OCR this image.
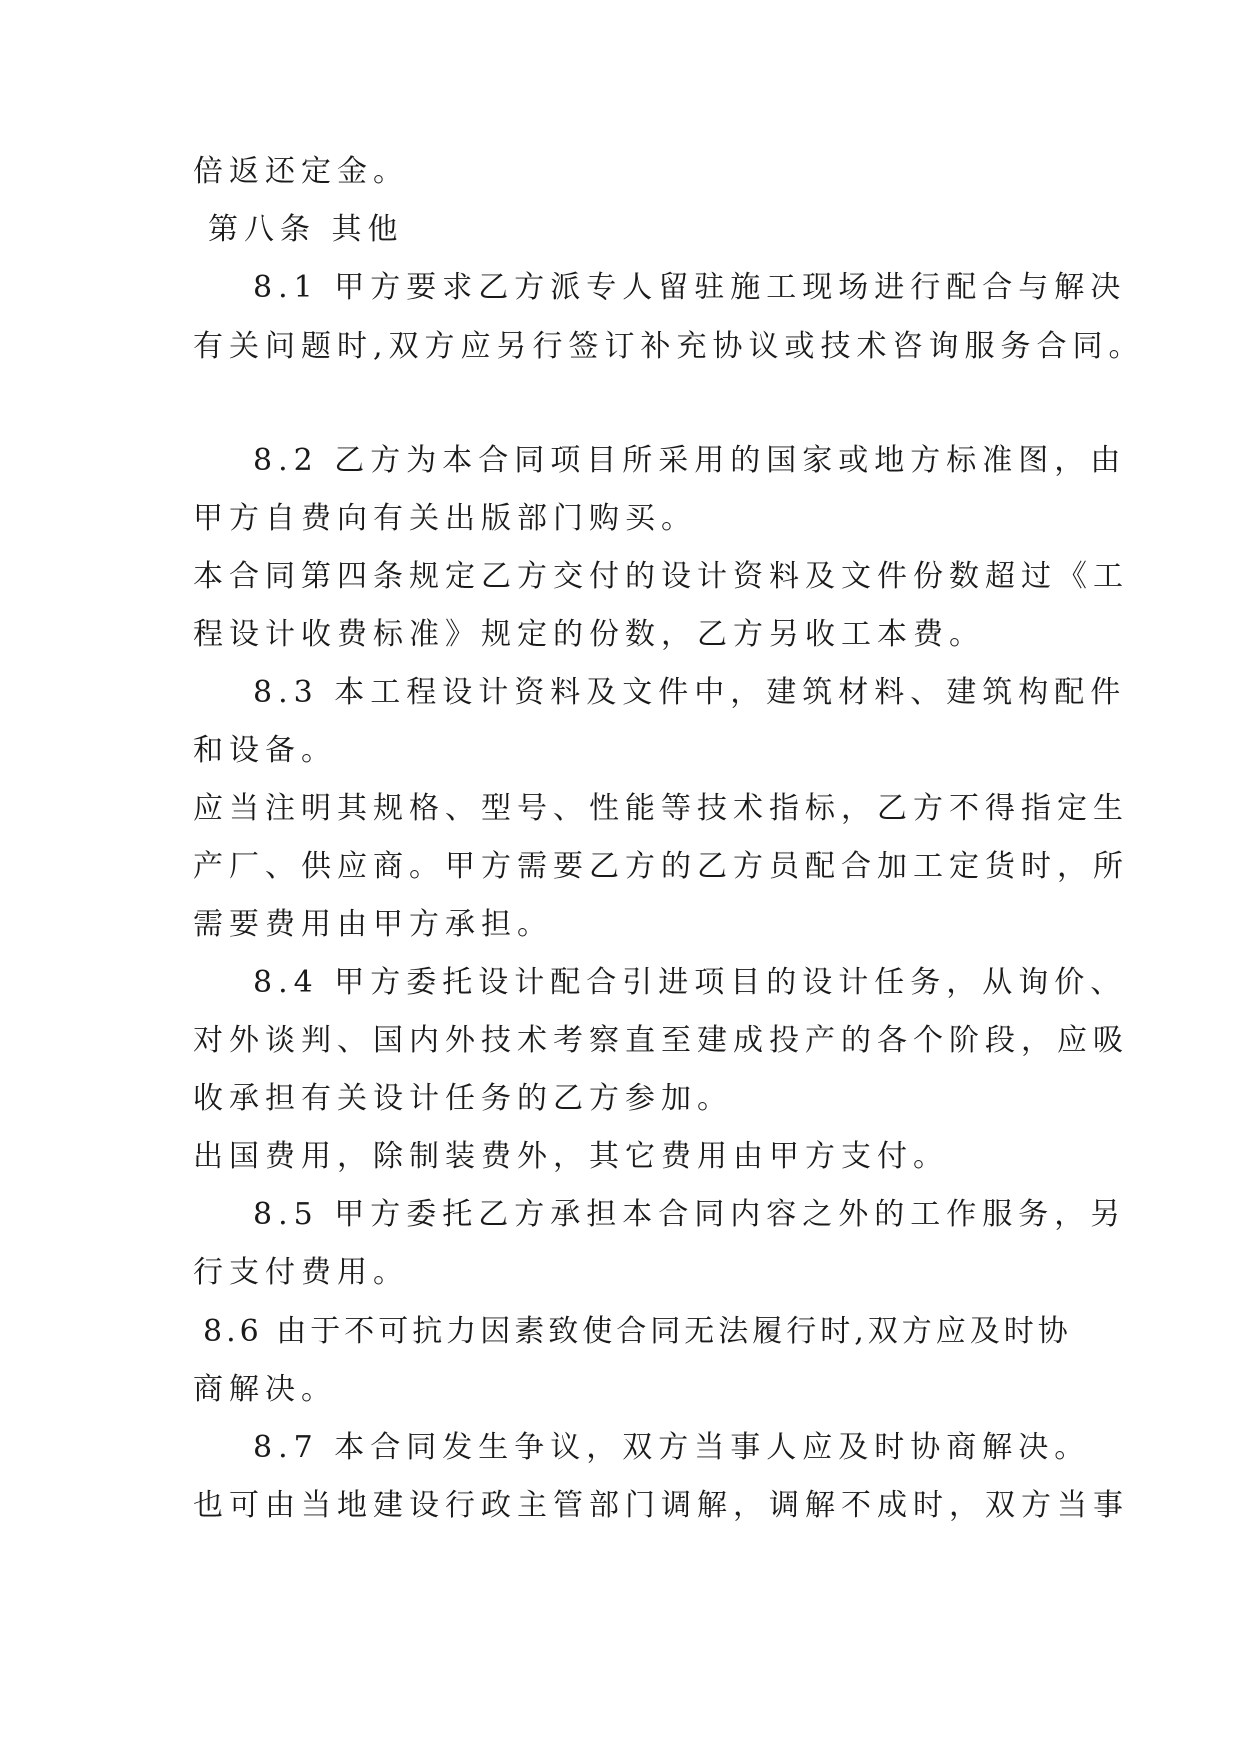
倍返还定金。
第八条 其他
8.1 甲方要求乙方派专人留驻施工现场进行配合与解决
有关问题时,双方应另行签订补充协议或技术咨询服务合同。
8.2 乙方为本合同项目所采用的国家或地方标准图，由
甲方自费向有关出版部门购买。
本合同第四条规定乙方交付的设计资料及文件份数超过《工
程设计收费标准》规定的份数，乙方另收工本费。
8.3 本工程设计资料及文件中，建筑材料、建筑构配件
和设备。
应当注明其规格、型号、性能等技术指标，乙方不得指定生
产厂、供应商。甲方需要乙方的乙方员配合加工定货时，所
需要费用由甲方承担。
8.4 甲方委托设计配合引进项目的设计任务，从询价、
对外谈判、国内外技术考察直至建成投产的各个阶段，应吸
收承担有关设计任务的乙方参加。
出国费用，除制装费外，其它费用由甲方支付。
8.5 甲方委托乙方承担本合同内容之外的工作服务，另
行支付费用。
8.6 由于不可抗力因素致使合同无法履行时,双方应及时协
商解决。
8.7 本合同发生争议，双方当事人应及时协商解决。
也可由当地建设行政主管部门调解，调解不成时，双方当事
